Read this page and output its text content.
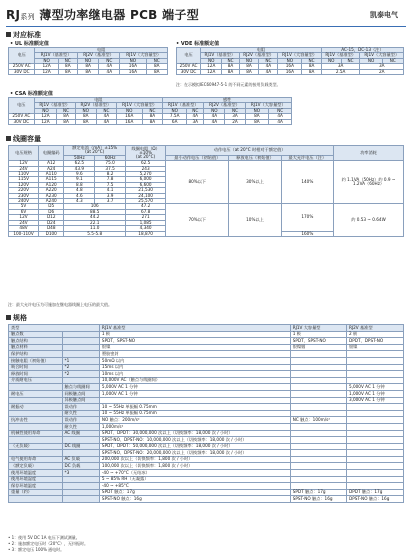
RJ系列 薄型功率继电器 PCB 端子型	凯泰电气
对应标准
• UL 标准额定值
电压	电阻					
	RJ1V（基准型）		RJ2V（基准型）		RJ1V（大容量型）	
	NO	NC	NO	NC	NO	NC
250V AC	12A	8A	8A	4A	16A	8A
30V DC	12A	8A	8A	4A	16A	8A
• VDE 标准额定值
电压	电阻						AC-15，DC-13（注）			
	RJ1V（基准型）		RJ2V（基准型）		RJ1V（大容量型）		RJ1V（基准型）		RJ1V（大容量型）	
	NO	NC	NO	NC	NO	NC	NO	NC	NO	NC
250V AC	12A	8A	8A	4A	16A	8A	3A		3A	
30V DC	12A	8A	8A	4A	16A	8A	2.5A		2A	
注：在示模拟IEC60947-5-1 的不同元素的接用负载类型。
• CSA 标准额定值
电压	电阻						感性					
	RJ1V（基准型）		RJ2V（基准型）		RJ1V（大容量型）		RJ1V（基准型）		RJ2V（基准型）		RJ1V（大容量型）	
	NO	NC	NO	NC	NO	NC	NO	NC	NO	NC	NO	NC
250V AC	12A	8A	8A	4A	16A	8A	7.5A	4A	4A	3A	8A	4A
30V DC	12A	8A	8A	4A	16A	8A	6A	3A	4A	2A	8A	4A
线圈容量
电压规格	电圈编码	额定电流（mA）±15%
(at 20°C)		线圈电阻（Ω）
±10%
(at 20°C)	动作电压（at 20°C 时相对于额定值）			功率消耗
		50Hz	60Hz		最小动作电压（初始值）	释放电压（初始值）	最大允许电压（注）	
12V	A12	62.5	75.0	62.5	80%以下	30%以上	140%	约 1.1VA（50Hz）约 0.9 ~ 1.2VA（60Hz）
24V	A24	43.9	37.5	243				
110V	A110	9.6	8.2	5,270				
115V	A115	9.1	7.8	6,000				
120V	A120	8.8	7.5	6,600				
220V	A220	4.8	4.1	21,530				
230V	A230	4.6	3.9	24,100				
240V	A240	4.3	3.7	25,570				
5V	D5	106		47.2	70%以下	10%以上	170%	约 0.53 ~ 0.64W
6V	D6	88.5		67.8				
12V	D12	44.2		271				
24V	D24	22.1		1,085				
48V	D48	11.0		4,340				
100-110V	D100	5.5-5.8		18,870			160%	
注：最大允许电压为可施加在继电器线圈上电压的最大值。
规格
类型		RJ1V 基准型	RJ1V 大容量型	RJ2V 基准型
触点数		1 极	1 极	2 极
触点结构		SPDT、SPST-NO	SPDT、SPST-NO	DPDT、DPST-NO
触点材料		银镍	银镍铟	银镍
保护结构		塑胶密封		
接触电阻（初始值）	*1	50mΩ 以内		
吸合时间	*2	15ms 以内		
释放时间	*2	10ms 以内		
介质耐电压		10,000V AC（触点与线圈间）		
	触点与线圈间	5,000V AC 1 分钟		5,000V AC 1 分钟
耐电压	同极触点间	1,000V AC 1 分钟		1,000V AC 1 分钟
	异极触点间			3,000V AC 1 分钟
耐振动	误动作	10 ~ 55Hz 单振幅 0.75mm		
	耐久性	10 ~ 55Hz 单振幅 0.75mm		
抗冲击性	误动作	NO 触点：200m/s²	NC 触点：100m/s²	
	耐久性	1,000m/s²		
机械性使用寿命	AC 线圈	SPDT、DPDT：30,000,000 次以上（切换频率：18,000 次 / 小时）		
		SPST-NO、DPST-NO：10,000,000 次以上（切换频率：18,000 次 / 小时）		
（无负载）	DC 线圈	SPDT、DPDT：50,000,000 次以上（切换频率：18,000 次 / 小时）		
		SPST-NO、DPST-NO：20,000,000 次以上（切换频率：18,000 次 / 小时）		
电气使用寿命	AC 负载	200,000 次以上（切换频率：1,800 次 / 小时）		
（额定负载）	DC 负载	100,000 次以上（切换频率：1,800 次 / 小时）		
使用环境温度	*3	-40 ~ +70°C（无结冰）		
使用环境湿度		5 ~ 85% RH（无凝露）		
保存环境温度		-40 ~ +85°C		
重量（约）		SPDT 触点：17g	SPDT 触点：17g	DPDT 触点：17g
		SPST-NO 触点：16g	SPST-NO 触点：16g	DPST-NO 触点：16g
• 1：使用 5V DC 1A 电压下测试测量。
• 2：施加额定电压时（20°C），无抖振时。
• 3：额定电压 100% 通电时。
